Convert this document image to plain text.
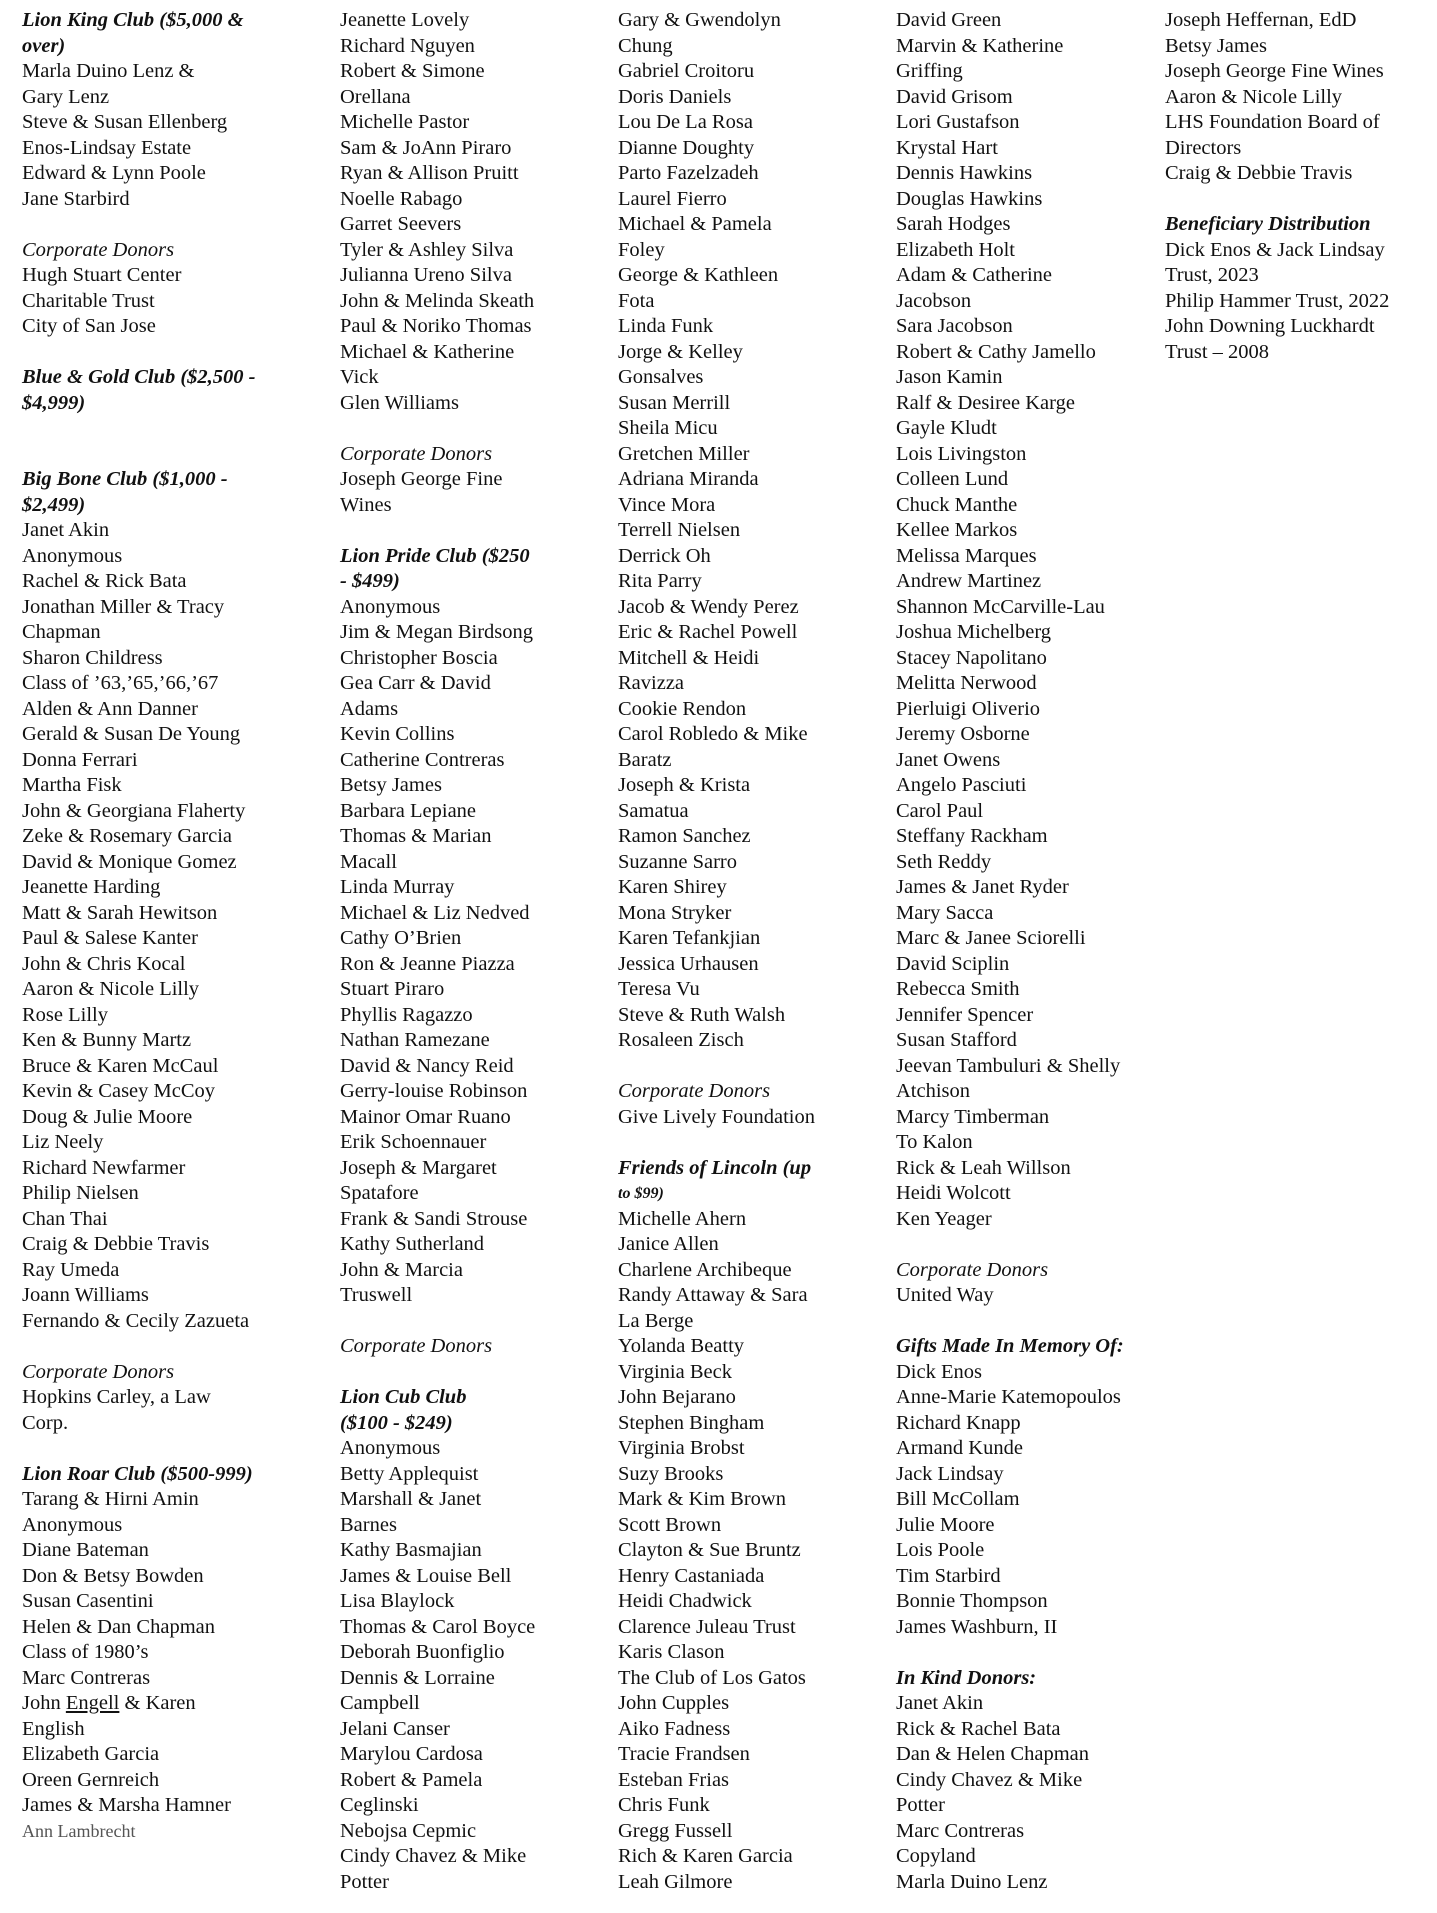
Lion King Club ($5,000 &
over)
Marla Duino Lenz &
Gary Lenz
Steve & Susan Ellenberg
Enos-Lindsay Estate
Edward & Lynn Poole
Jane Starbird
Corporate Donors
Hugh Stuart Center
Charitable Trust
City of San Jose
Blue & Gold Club ($2,500 -
$4,999)
Big Bone Club ($1,000 -
$2,499)
Janet Akin
Anonymous
Rachel & Rick Bata
Jonathan Miller & Tracy
Chapman
Sharon Childress
Class of ’63,’65,’66,’67
Alden & Ann Danner
Gerald & Susan De Young
Donna Ferrari
Martha Fisk
John & Georgiana Flaherty
Zeke & Rosemary Garcia
David & Monique Gomez
Jeanette Harding
Matt & Sarah Hewitson
Paul & Salese Kanter
John & Chris Kocal
Aaron & Nicole Lilly
Rose Lilly
Ken & Bunny Martz
Bruce & Karen McCaul
Kevin & Casey McCoy
Doug & Julie Moore
Liz Neely
Richard Newfarmer
Philip Nielsen
Chan Thai
Craig & Debbie Travis
Ray Umeda
Joann Williams
Fernando & Cecily Zazueta
Corporate Donors
Hopkins Carley, a Law
Corp.
Lion Roar Club ($500-999)
Tarang & Hirni Amin
Anonymous
Diane Bateman
Don & Betsy Bowden
Susan Casentini
Helen & Dan Chapman
Class of 1980’s
Marc Contreras
John Engell & Karen
English
Elizabeth Garcia
Oreen Gernreich
James & Marsha Hamner
Ann Lambrecht
Jeanette Lovely
Richard Nguyen
Robert & Simone
Orellana
Michelle Pastor
Sam & JoAnn Piraro
Ryan & Allison Pruitt
Noelle Rabago
Garret Seevers
Tyler & Ashley Silva
Julianna Ureno Silva
John & Melinda Skeath
Paul & Noriko Thomas
Michael & Katherine
Vick
Glen Williams
Corporate Donors
Joseph George Fine
Wines
Lion Pride Club ($250
- $499)
Anonymous
Jim & Megan Birdsong
Christopher Boscia
Gea Carr & David
Adams
Kevin Collins
Catherine Contreras
Betsy James
Barbara Lepiane
Thomas & Marian
Macall
Linda Murray
Michael & Liz Nedved
Cathy O’Brien
Ron & Jeanne Piazza
Stuart Piraro
Phyllis Ragazzo
Nathan Ramezane
David & Nancy Reid
Gerry-louise Robinson
Mainor Omar Ruano
Erik Schoennauer
Joseph & Margaret
Spatafore
Frank & Sandi Strouse
Kathy Sutherland
John & Marcia
Truswell
Corporate Donors
Lion Cub Club
($100 - $249)
Anonymous
Betty Applequist
Marshall & Janet
Barnes
Kathy Basmajian
James & Louise Bell
Lisa Blaylock
Thomas & Carol Boyce
Deborah Buonfiglio
Dennis & Lorraine
Campbell
Jelani Canser
Marylou Cardosa
Robert & Pamela
Ceglinski
Nebojsa Cepmic
Cindy Chavez & Mike
Potter
Gary & Gwendolyn
Chung
Gabriel Croitoru
Doris Daniels
Lou De La Rosa
Dianne Doughty
Parto Fazelzadeh
Laurel Fierro
Michael & Pamela
Foley
George & Kathleen
Fota
Linda Funk
Jorge & Kelley
Gonsalves
Susan Merrill
Sheila Micu
Gretchen Miller
Adriana Miranda
Vince Mora
Terrell Nielsen
Derrick Oh
Rita Parry
Jacob & Wendy Perez
Eric & Rachel Powell
Mitchell & Heidi
Ravizza
Cookie Rendon
Carol Robledo & Mike
Baratz
Joseph & Krista
Samatua
Ramon Sanchez
Suzanne Sarro
Karen Shirey
Mona Stryker
Karen Tefankjian
Jessica Urhausen
Teresa Vu
Steve & Ruth Walsh
Rosaleen Zisch
Corporate Donors
Give Lively Foundation
Friends of Lincoln (up
to $99)
Michelle Ahern
Janice Allen
Charlene Archibeque
Randy Attaway & Sara
La Berge
Yolanda Beatty
Virginia Beck
John Bejarano
Stephen Bingham
Virginia Brobst
Suzy Brooks
Mark & Kim Brown
Scott Brown
Clayton & Sue Bruntz
Henry Castaniada
Heidi Chadwick
Clarence Juleau Trust
Karis Clason
The Club of Los Gatos
John Cupples
Aiko Fadness
Tracie Frandsen
Esteban Frias
Chris Funk
Gregg Fussell
Rich & Karen Garcia
Leah Gilmore
David Green
Marvin & Katherine
Griffing
David Grisom
Lori Gustafson
Krystal Hart
Dennis Hawkins
Douglas Hawkins
Sarah Hodges
Elizabeth Holt
Adam & Catherine
Jacobson
Sara Jacobson
Robert & Cathy Jamello
Jason Kamin
Ralf & Desiree Karge
Gayle Kludt
Lois Livingston
Colleen Lund
Chuck Manthe
Kellee Markos
Melissa Marques
Andrew Martinez
Shannon McCarville-Lau
Joshua Michelberg
Stacey Napolitano
Melitta Nerwood
Pierluigi Oliverio
Jeremy Osborne
Janet Owens
Angelo Pasciuti
Carol Paul
Steffany Rackham
Seth Reddy
James & Janet Ryder
Mary Sacca
Marc & Janee Sciorelli
David Sciplin
Rebecca Smith
Jennifer Spencer
Susan Stafford
Jeevan Tambuluri & Shelly
Atchison
Marcy Timberman
To Kalon
Rick & Leah Willson
Heidi Wolcott
Ken Yeager
Corporate Donors
United Way
Gifts Made In Memory Of:
Dick Enos
Anne-Marie Katemopoulos
Richard Knapp
Armand Kunde
Jack Lindsay
Bill McCollam
Julie Moore
Lois Poole
Tim Starbird
Bonnie Thompson
James Washburn, II
In Kind Donors:
Janet Akin
Rick & Rachel Bata
Dan & Helen Chapman
Cindy Chavez & Mike
Potter
Marc Contreras
Copyland
Marla Duino Lenz
Joseph Heffernan, EdD
Betsy James
Joseph George Fine Wines
Aaron & Nicole Lilly
LHS Foundation Board of
Directors
Craig & Debbie Travis
Beneficiary Distribution
Dick Enos & Jack Lindsay
Trust, 2023
Philip Hammer Trust, 2022
John Downing Luckhardt
Trust – 2008
